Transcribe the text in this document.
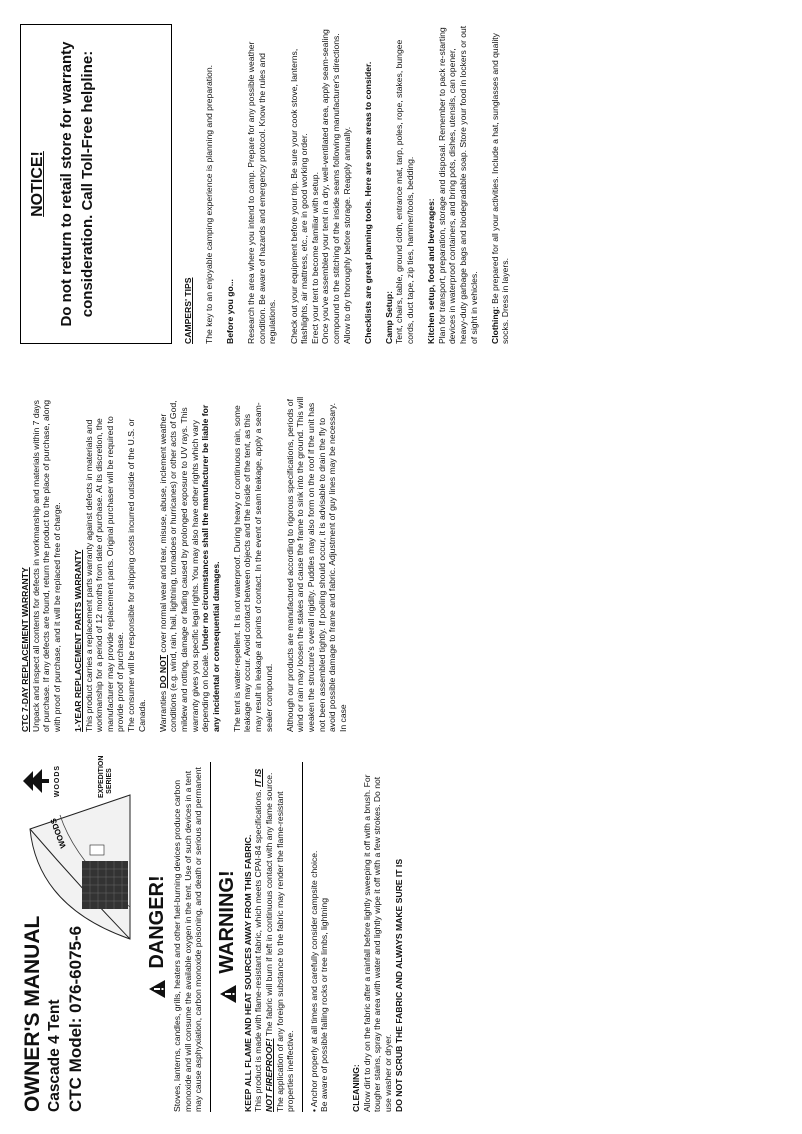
OWNER'S MANUAL Cascade 4 Tent CTC Model: 076-6075-6

WOODS
WOODS	EXPEDITION SERIES
DANGER! Stoves, lanterns, candles, grills, heaters and other fuel-burning devices produce carbon monoxide and will consume the available oxygen in the tent. Use of such devices in a tent may cause asphyxiation, carbon monoxide poisoning, and death or serious and permanent WARNING! KEEP ALL FLAME AND HEAT SOURCES AWAY FROM THIS FABRIC. This product is made with flame-resistant fabric, which meets CPAI-84 specifications. IT IS NOT FIREPROOF! The fabric will burn if left in continuous contact with any flame source. The application of any foreign substance to the fabric may render the flame-resistant properties ineffective. • Anchor properly at all times and carefully consider campsite choice. Be aware of possible falling rocks or tree limbs, lightning	CLEANING: Allow dirt to dry on the fabric after a rainfall before lightly sweeping it off with a brush. For tougher stains, spray the area with water and lightly wipe it off with a few strokes. Do not use washer or dryer. DO NOT SCRUB THE FABRIC AND ALWAYS MAKE SURE IT IS

CTC 7-DAY REPLACEMENT WARRANTY Unpack and inspect all contents for defects in workmanship and materials within 7 days of purchase. If any defects are found, return the product to the place of purchase, along with proof of purchase, and it will be replaced free of charge. 1-YEAR REPLACEMENT PARTS WARRANTY This product carries a replacement parts warranty against defects in materials and workmanship for a period of 12 months from date of purchase. At its discretion, the manufacturer may provide replacement parts. Original purchaser will be required to provide proof of purchase. The consumer will be responsible for shipping costs incurred outside of the U.S. or Canada. Warranties DO NOT cover normal wear and tear, misuse, abuse, inclement weather conditions (e.g. wind, rain, hail, lightning, tornadoes or hurricanes) or other acts of God, mildew and rotting, damage or fading caused by prolonged exposure to UV rays. This warranty gives you specific legal rights. You may also have other rights which vary depending on locale. Under no circumstances shall the manufacturer be liable for any incidental or consequential damages. The tent is water-repellent. It is not waterproof. During heavy or continuous rain, some leakage may occur. Avoid contact between objects and the inside of the tent, as this may result in leakage at points of contact. In the event of seam leakage, apply a seam-sealer compound. Although our products are manufactured according to rigorous specifications, periods of wind or rain may loosen the stakes and cause the frame to sink into the ground. This will weaken the structure's overall rigidity. Puddles may also form on the roof if the unit has not been assembled tightly. If pooling should occur, it is advisable to drain the fly to avoid possible damage to frame and fabric. Adjustment of guy lines may be necessary. In case

NOTICE! Do not return to retail store for warranty consideration. Call Toll-Free helpline:	CAMPERS' TIPS The key to an enjoyable camping experience is planning and preparation. Before you go... Research the area where you intend to camp. Prepare for any possible weather condition. Be aware of hazards and emergency protocol. Know the rules and regulations. Check out your equipment before your trip. Be sure your cook stove, lanterns, flashlights, air mattress, etc., are in good working order. Erect your tent to become familiar with setup. Once you've assembled your tent in a dry, well-ventilated area, apply seam-sealing compound to the stitching of the inside seams following manufacturer's directions. Allow to dry thoroughly before storage. Reapply annually. Checklists are great planning tools. Here are some areas to consider. Camp Setup: Tent, chairs, table, ground cloth, entrance mat, tarp, poles, rope, stakes, bungee cords, duct tape, zip ties, hammer/tools, bedding. Kitchen setup, food and beverages: Plan for transport, preparation, storage and disposal. Remember to pack re-starting devices in waterproof containers, and bring pots, dishes, utensils, can opener, heavy-duty garbage bags and biodegradable soap. Store your food in lockers or out of sight in vehicles. Clothing: Be prepared for all your activities. Include a hat, sunglasses and quality socks. Dress in layers.
